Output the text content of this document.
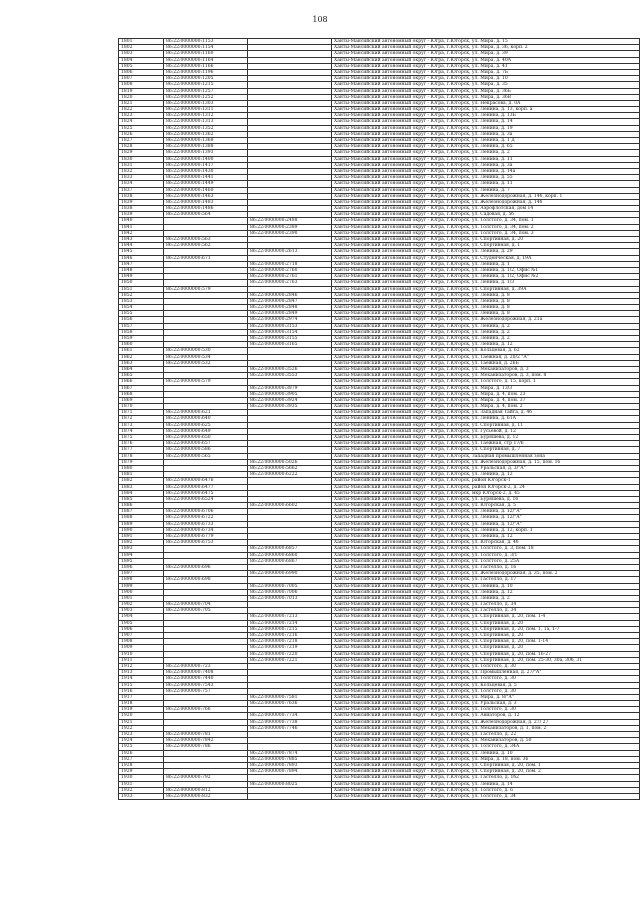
108
1801	86:22:0000000:1153		Ханты-Мансийский автономный округ - Югра, г.Югорск, ул. Мира, д. 15
1802	86:22:0000000:1154		Ханты-Мансийский автономный округ - Югра, г.Югорск, ул. Мира, д. 36, корп. 2
1803	86:22:0000000:1160		Ханты-Мансийский автономный округ - Югра, г.Югорск, ул. Мира, д. 39
1804	86:22:0000000:1164		Ханты-Мансийский автономный округ - Югра, г.Югорск, ул. Мира, д. 40А
1805	86:22:0000000:1166		Ханты-Мансийский автономный округ - Югра, г.Югорск, ул. Мира, д. 41
1806	86:22:0000000:1196		Ханты-Мансийский автономный округ - Югра, г.Югорск, ул. Мира, д. 7Б
1807	86:22:0000000:1205		Ханты-Мансийский автономный округ - Югра, г.Югорск, ул. Мира, д. 10
1808	86:22:0000000:1215		Ханты-Мансийский автономный округ - Югра, г.Югорск, ул. Мира, д. 35
1819	86:22:0000000:1257		Ханты-Мансийский автономный округ - Югра, г.Югорск, ул. Мира, д. 36Б
1820	86:22:0000000:1252		Ханты-Мансийский автономный округ - Югра, г.Югорск, ул. Мира, д. 36В
1821	86:22:0000000:1303		Ханты-Мансийский автономный округ - Югра, г.Югорск, ул. Некрасова, д. 0А
1822	86:22:0000000:1311		Ханты-Мансийский автономный округ - Югра, г.Югорск, ул. Ленина, д. 13, корп. а
1823	86:22:0000000:1312		Ханты-Мансийский автономный округ - Югра, г.Югорск, ул. Ленина, д. 13Б
1824	86:22:0000000:1313		Ханты-Мансийский автономный округ - Югра, г.Югорск, ул. Ленина, д. 14
1825	86:22:0000000:1352		Ханты-Мансийский автономный округ - Югра, г.Югорск, ул. Ленина, д. 19
1826	86:22:0000000:1362		Ханты-Мансийский автономный округ - Югра, г.Югорск, ул. Ленина, д. 3а
1827	86:22:0000000:1368		Ханты-Мансийский автономный округ - Югра, г.Югорск, ул. Ленина, д. 1 Д
1828	86:22:0000000:1388		Ханты-Мансийский автономный округ - Югра, г.Югорск, ул. Ленина, д. 65
1829	86:22:0000000:1393		Ханты-Мансийский автономный округ - Югра, г.Югорск, ул. Ленина, д. 2
1830	86:22:0000000:1400		Ханты-Мансийский автономный округ - Югра, г.Югорск, ул. Ленина, д. 11
1831	86:22:0000000:1417		Ханты-Мансийский автономный округ - Югра, г.Югорск, ул. Ленина, д. 3а
1832	86:22:0000000:1430		Ханты-Мансийский автономный округ - Югра, г.Югорск, ул. Ленина, д. 14а
1833	86:22:0000000:1441		Ханты-Мансийский автономный округ - Югра, г.Югорск, ул. Ленина, д. 55
1834	86:22:0000000:1449		Ханты-Мансийский автономный округ - Югра, г.Югорск, ул. Ленина, д. 11
1837	86:22:0000000:1460		Ханты-Мансийский автономный округ - Югра, г.Югорск, ул. Ленина, д. 7
1838	86:22:0000000:1463		Ханты-Мансийский автономный округ - Югра, г.Югорск, ул. Железнодорожная, д. 14б, корп. 1
1839	86:22:0000000:1483		Ханты-Мансийский автономный округ - Югра, г.Югорск, ул. Железнодорожная, д. 14б
1838	86:22:0000000:1486		Ханты-Мансийский автономный округ - Югра, г.Югорск, ул. Аэрофлотская, дом 14
1839	86:22:0000000:564		Ханты-Мансийский автономный округ - Югра, г.Югорск, ул. Садовая, д. 5б
1840		86:22:0000000:2488	Ханты-Мансийский автономный округ - Югра, г.Югорск, ул. Толстого, д. 34, пом. 1
1841		86:22:0000000:2389	Ханты-Мансийский автономный округ - Югра, г.Югорск, ул. Толстого, д. 34, пом. 2
1842		86:22:0000000:2390	Ханты-Мансийский автономный округ - Югра, г.Югорск, ул. Толстого, д. 34, пом. 3
1843	86:22:0000000:563		Ханты-Мансийский автономный округ - Югра, г.Югорск, ул. Спортивная, д. 20
1844	86:22:0000000:562		Ханты-Мансийский автономный округ - Югра, г.Югорск, ул. Спортивная, д. 1
1845		86:22:0000000:2613	Ханты-Мансийский автономный округ - Югра, г.Югорск, ул. Ленина, д. 29
1846	86:22:0000000:671		Ханты-Мансийский автономный округ - Югра, г.Югорск, ул. Студенческая, д. 19А
1847		86:22:0000000:2718	Ханты-Мансийский автономный округ - Югра, г.Югорск, ул. Ленина, д. 1
1848		86:22:0000000:2760	Ханты-Мансийский автономный округ - Югра, г.Югорск, ул. Ленина, д. 1/2, Офис №1
1849		86:22:0000000:2761	Ханты-Мансийский автономный округ - Югра, г.Югорск, ул. Ленина, д. 1/2, Офис №2
1850		86:22:0000000:2763	Ханты-Мансийский автономный округ - Югра, г.Югорск, ул. Ленина, д. 1/3
1851	86:22:0000000:579		Ханты-Мансийский автономный округ - Югра, г.Югорск, ул. Спортивная, д. 39А
1852		86:22:0000000:2846	Ханты-Мансийский автономный округ - Югра, г.Югорск, ул. Ленина, д. 8
1853		86:22:0000000:2847	Ханты-Мансийский автономный округ - Югра, г.Югорск, ул. Ленина, д. 8
1854		86:22:0000000:2848	Ханты-Мансийский автономный округ - Югра, г.Югорск, ул. Ленина, д. 8
1855		86:22:0000000:2849	Ханты-Мансийский автономный округ - Югра, г.Югорск, ул. Ленина, д. 8
1856		86:22:0000000:2974	Ханты-Мансийский автономный округ - Югра, г.Югорск, ул. Железнодорожная, д. 21а
1857		86:22:0000000:3153	Ханты-Мансийский автономный округ - Югра, г.Югорск, ул. Ленина, д. 2
1858		86:22:0000000:3154	Ханты-Мансийский автономный округ - Югра, г.Югорск, ул. Ленина, д. 2
1859		86:22:0000000:3155	Ханты-Мансийский автономный округ - Югра, г.Югорск, ул. Ленина, д. 2
1860		86:22:0000000:3165	Ханты-Мансийский автономный округ - Югра, г.Югорск, ул. Ленина, д. 12
1861	86:22:0000000:530		Ханты-Мансийский автономный округ - Югра, г.Югорск, ул. Кольцевая, д. 62
1862	86:22:0000000:534		Ханты-Мансийский автономный округ - Югра, г.Югорск, ул. Таежная, д. 20/2 "А"
1863	86:22:0000000:532		Ханты-Мансийский автономный округ - Югра, г.Югорск, ул. Таежная, д. 26Б
1864		86:22:0000000:3526	Ханты-Мансийский автономный округ - Югра, г.Югорск, ул. Механизаторов, д. 3
1865		86:22:0000000:3553	Ханты-Мансийский автономный округ - Югра, г.Югорск, ул. Механизаторов, д. 3, пом. 8
1866	86:22:0000000:579		Ханты-Мансийский автономный округ - Югра, г.Югорск, ул. Толстого, д. 15, корп. 1
1867		86:22:0000000:3879	Ханты-Мансийский автономный округ - Югра, г.Югорск, ул. Мира, д. 13/3
1868		86:22:0000000:3905	Ханты-Мансийский автономный округ - Югра, г.Югорск, ул. Мира, д. 4, пом. 23
1869		86:22:0000000:3924	Ханты-Мансийский автономный округ - Югра, г.Югорск, ул. Мира, д. 4, пом. 37
1870		86:22:0000000:3935	Ханты-Мансийский автономный округ - Югра, г.Югорск, ул. Мира, д. 4, пом. 2
1871	86:22:0000000:621		Ханты-Мансийский автономный округ - Югра, г.Югорск, ул. Западная Тайга, д. 4б
1872	86:22:0000000:640		Ханты-Мансийский автономный округ - Югра, г.Югорск, ул. Ленина, д. 61А
1873	86:22:0000000:625		Ханты-Мансийский автономный округ - Югра, г.Югорск, ул. Спортивная, д. 11
1874	86:22:0000000:649		Ханты-Мансийский автономный округ - Югра, г.Югорск, ул. Гусьевой, д. 12
1875	86:22:0000000:650		Ханты-Мансийский автономный округ - Югра, г.Югорск, ул. Буряшева, д. 12
1876	86:22:0000000:657		Ханты-Мансийский автономный округ - Югра, г.Югорск, ул. Таежная, стр 17/6
1877	86:22:0000000:586		Ханты-Мансийский автономный округ - Югра, г.Югорск, ул. Спортивная, д. 7
1878	86:22:0000000:565		Ханты-Мансийский автономный округ - Югра, г.Югорск, Западная промышленная зона
1879		86:22:0000000:5026	Ханты-Мансийский автономный округ - Югра, г.Югорск, ул. Железнодорожная, д. 15, пом. 16
1880		86:22:0000000:5662	Ханты-Мансийский автономный округ - Югра, г.Югорск, ул. Уральская, д. 3/"А"
1881		86:22:0000000:6222	Ханты-Мансийский автономный округ - Югра, г.Югорск, ул. Ленина, д. 12
1882	86:22:0000000:6476		Ханты-Мансийский автономный округ - Югра, г.Югорск, район Югорск-1
1883	86:22:0000000:6477		Ханты-Мансийский автономный округ - Югра, г.Югорск, район Югорск-2, д. 24
1884	86:22:0000000:6475		Ханты-Мансийский автономный округ - Югра, г.Югорск, мкр Югорск-2, д. 45
1885	86:22:0000000:6524		Ханты-Мансийский автономный округ - Югра, г.Югорск, ул. Буряшева, д. 16
1886		86:22:0000000:6602	Ханты-Мансийский автономный округ - Югра, г.Югорск, ул. Югорская, д. 5
1887	86:22:0000000:6706		Ханты-Мансийский автономный округ - Югра, г.Югорск, ул. Ленина, д. 12/"А"
1888	86:22:0000000:6722		Ханты-Мансийский автономный округ - Югра, г.Югорск, ул. Ленина, д. 12/"А"
1889	86:22:0000000:6733		Ханты-Мансийский автономный округ - Югра, г.Югорск, ул. Ленина, д. 12/"А"
1890	86:22:0000000:6734		Ханты-Мансийский автономный округ - Югра, г.Югорск, ул. Ленина, д. 12, корп. 1
1891	86:22:0000000:6779		Ханты-Мансийский автономный округ - Югра, г.Югорск, ул. Ленина, д. 12
1892	86:22:0000000:6753		Ханты-Мансийский автономный округ - Югра, г.Югорск, ул. Югорская, д. 4б
1893		86:22:0000000:6857	Ханты-Мансийский автономный округ - Югра, г.Югорск, ул. Толстого, д. 3, пом. 18
1894		86:22:0000000:6860	Ханты-Мансийский автономный округ - Югра, г.Югорск, ул. Толстого, д. 3/1
1895		86:22:0000000:6867	Ханты-Мансийский автономный округ - Югра, г.Югорск, ул. Толстого, д. 25А
1896	86:22:0000000:696		Ханты-Мансийский автономный округ - Югра, г.Югорск, ул. Гастелло, д. 16
1897		86:22:0000000:6990	Ханты-Мансийский автономный округ - Югра, г.Югорск, ул. Железнодорожная, д. 35, пом. 2
1898	86:22:0000000:698		Ханты-Мансийский автономный округ - Югра, г.Югорск, ул. Гастелло, д. 17
1899		86:22:0000000:7005	Ханты-Мансийский автономный округ - Югра, г.Югорск, ул. Ленина, д. 10
1900		86:22:0000000:7006	Ханты-Мансийский автономный округ - Югра, г.Югорск, ул. Ленина, д. 12
1901		86:22:0000000:7013	Ханты-Мансийский автономный округ - Югра, г.Югорск, ул. Ленина, д. 2
1902	86:22:0000000:704		Ханты-Мансийский автономный округ - Югра, г.Югорск, ул. Гастелло, д. 34
1903	86:22:0000000:705		Ханты-Мансийский автономный округ - Югра, г.Югорск, ул. Гастелло, д. 34
1904		86:22:0000000:7213	Ханты-Мансийский автономный округ - Югра, г.Югорск, ул. Спортивная, д. 20, пом. 1-4
1905		86:22:0000000:7214	Ханты-Мансийский автономный округ - Югра, г.Югорск, ул. Спортивная, д. 20
1906		86:22:0000000:7215	Ханты-Мансийский автономный округ - Югра, г.Югорск, ул. Спортивная, д. 20, пом. 1, 1а, 1-7
1907		86:22:0000000:7216	Ханты-Мансийский автономный округ - Югра, г.Югорск, ул. Спортивная, д. 20
1908		86:22:0000000:7218	Ханты-Мансийский автономный округ - Югра, г.Югорск, ул. Спортивная, д. 20, пом. 1-14
1909		86:22:0000000:7219	Ханты-Мансийский автономный округ - Югра, г.Югорск, ул. Спортивная, д. 20
1910		86:22:0000000:7220	Ханты-Мансийский автономный округ - Югра, г.Югорск, ул. Спортивная, д. 20, пом. 16-27
1911		86:22:0000000:7221	Ханты-Мансийский автономный округ - Югра, г.Югорск, ул. Спортивная, д. 20, пом. 25-30, 30а, 30б, 31
1912	86:22:0000000:723		Ханты-Мансийский автономный округ - Югра, г.Югорск, ул. Толстого, д. 30
1913	86:22:0000000:7408		Ханты-Мансийский автономный округ - Югра, г.Югорск, ул. Промышленная, д. 27/"А"
1914	86:22:0000000:7440		Ханты-Мансийский автономный округ - Югра, г.Югорск, ул. Толстого, д. 30
1915	86:22:0000000:7543		Ханты-Мансийский автономный округ - Югра, г.Югорск, ул. Кольцевая, д. 5
1916	86:22:0000000:757		Ханты-Мансийский автономный округ - Югра, г.Югорск, ул. Толстого, д. 30
1917		86:22:0000000:7581	Ханты-Мансийский автономный округ - Югра, г.Югорск, ул. Мира, д. 8/"А"
1918		86:22:0000000:7636	Ханты-Мансийский автономный округ - Югра, г.Югорск, ул. Уральская, д. 3
1919	86:22:0000000:766		Ханты-Мансийский автономный округ - Югра, г.Югорск, ул. Толстого, д. 30
1920		86:22:0000000:7734	Ханты-Мансийский автономный округ - Югра, г.Югорск, ул. Авиаторов, д. 12
1921		86:22:0000000:7738	Ханты-Мансийский автономный округ - Югра, г.Югорск, ул. Железнодорожная, д. 27/ 27
1922		86:22:0000000:7746	Ханты-Мансийский автономный округ - Югра, г.Югорск, ул. Механизаторов, д. 1, пом. 2
1923	86:22:0000000:781		Ханты-Мансийский автономный округ - Югра, г.Югорск, ул. Гастелло, д. 22
1924	86:22:0000000:7842		Ханты-Мансийский автономный округ - Югра, г.Югорск, ул. Механизаторов, д. 50
1925	86:22:0000000:786		Ханты-Мансийский автономный округ - Югра, г.Югорск, ул. Толстого, д. 34А
1926		86:22:0000000:7874	Ханты-Мансийский автономный округ - Югра, г.Югорск, ул. Ленина, д. 10
1927		86:22:0000000:7885	Ханты-Мансийский автономный округ - Югра, г.Югорск, ул. Мира, д. 18, пом. 36
1928		86:22:0000000:7893	Ханты-Мансийский автономный округ - Югра, г.Югорск, ул. Спортивная, д. 20, пом. 1
1929		86:22:0000000:7894	Ханты-Мансийский автономный округ - Югра, г.Югорск, ул. Спортивная, д. 20, пом. 2
1930	86:22:0000000:792		Ханты-Мансийский автономный округ - Югра, г.Югорск, ул. Гастелло, д. 1б2
1931		86:22:0000000:8025	Ханты-Мансийский автономный округ - Югра, г.Югорск, ул. Ленина, д. 14
1932	86:22:0000000:812		Ханты-Мансийский автономный округ - Югра, г.Югорск, ул. Толстого, д. 6
1933	86:22:0000000:832		Ханты-Мансийский автономный округ - Югра, г.Югорск, ул. Толстого, д. 34
